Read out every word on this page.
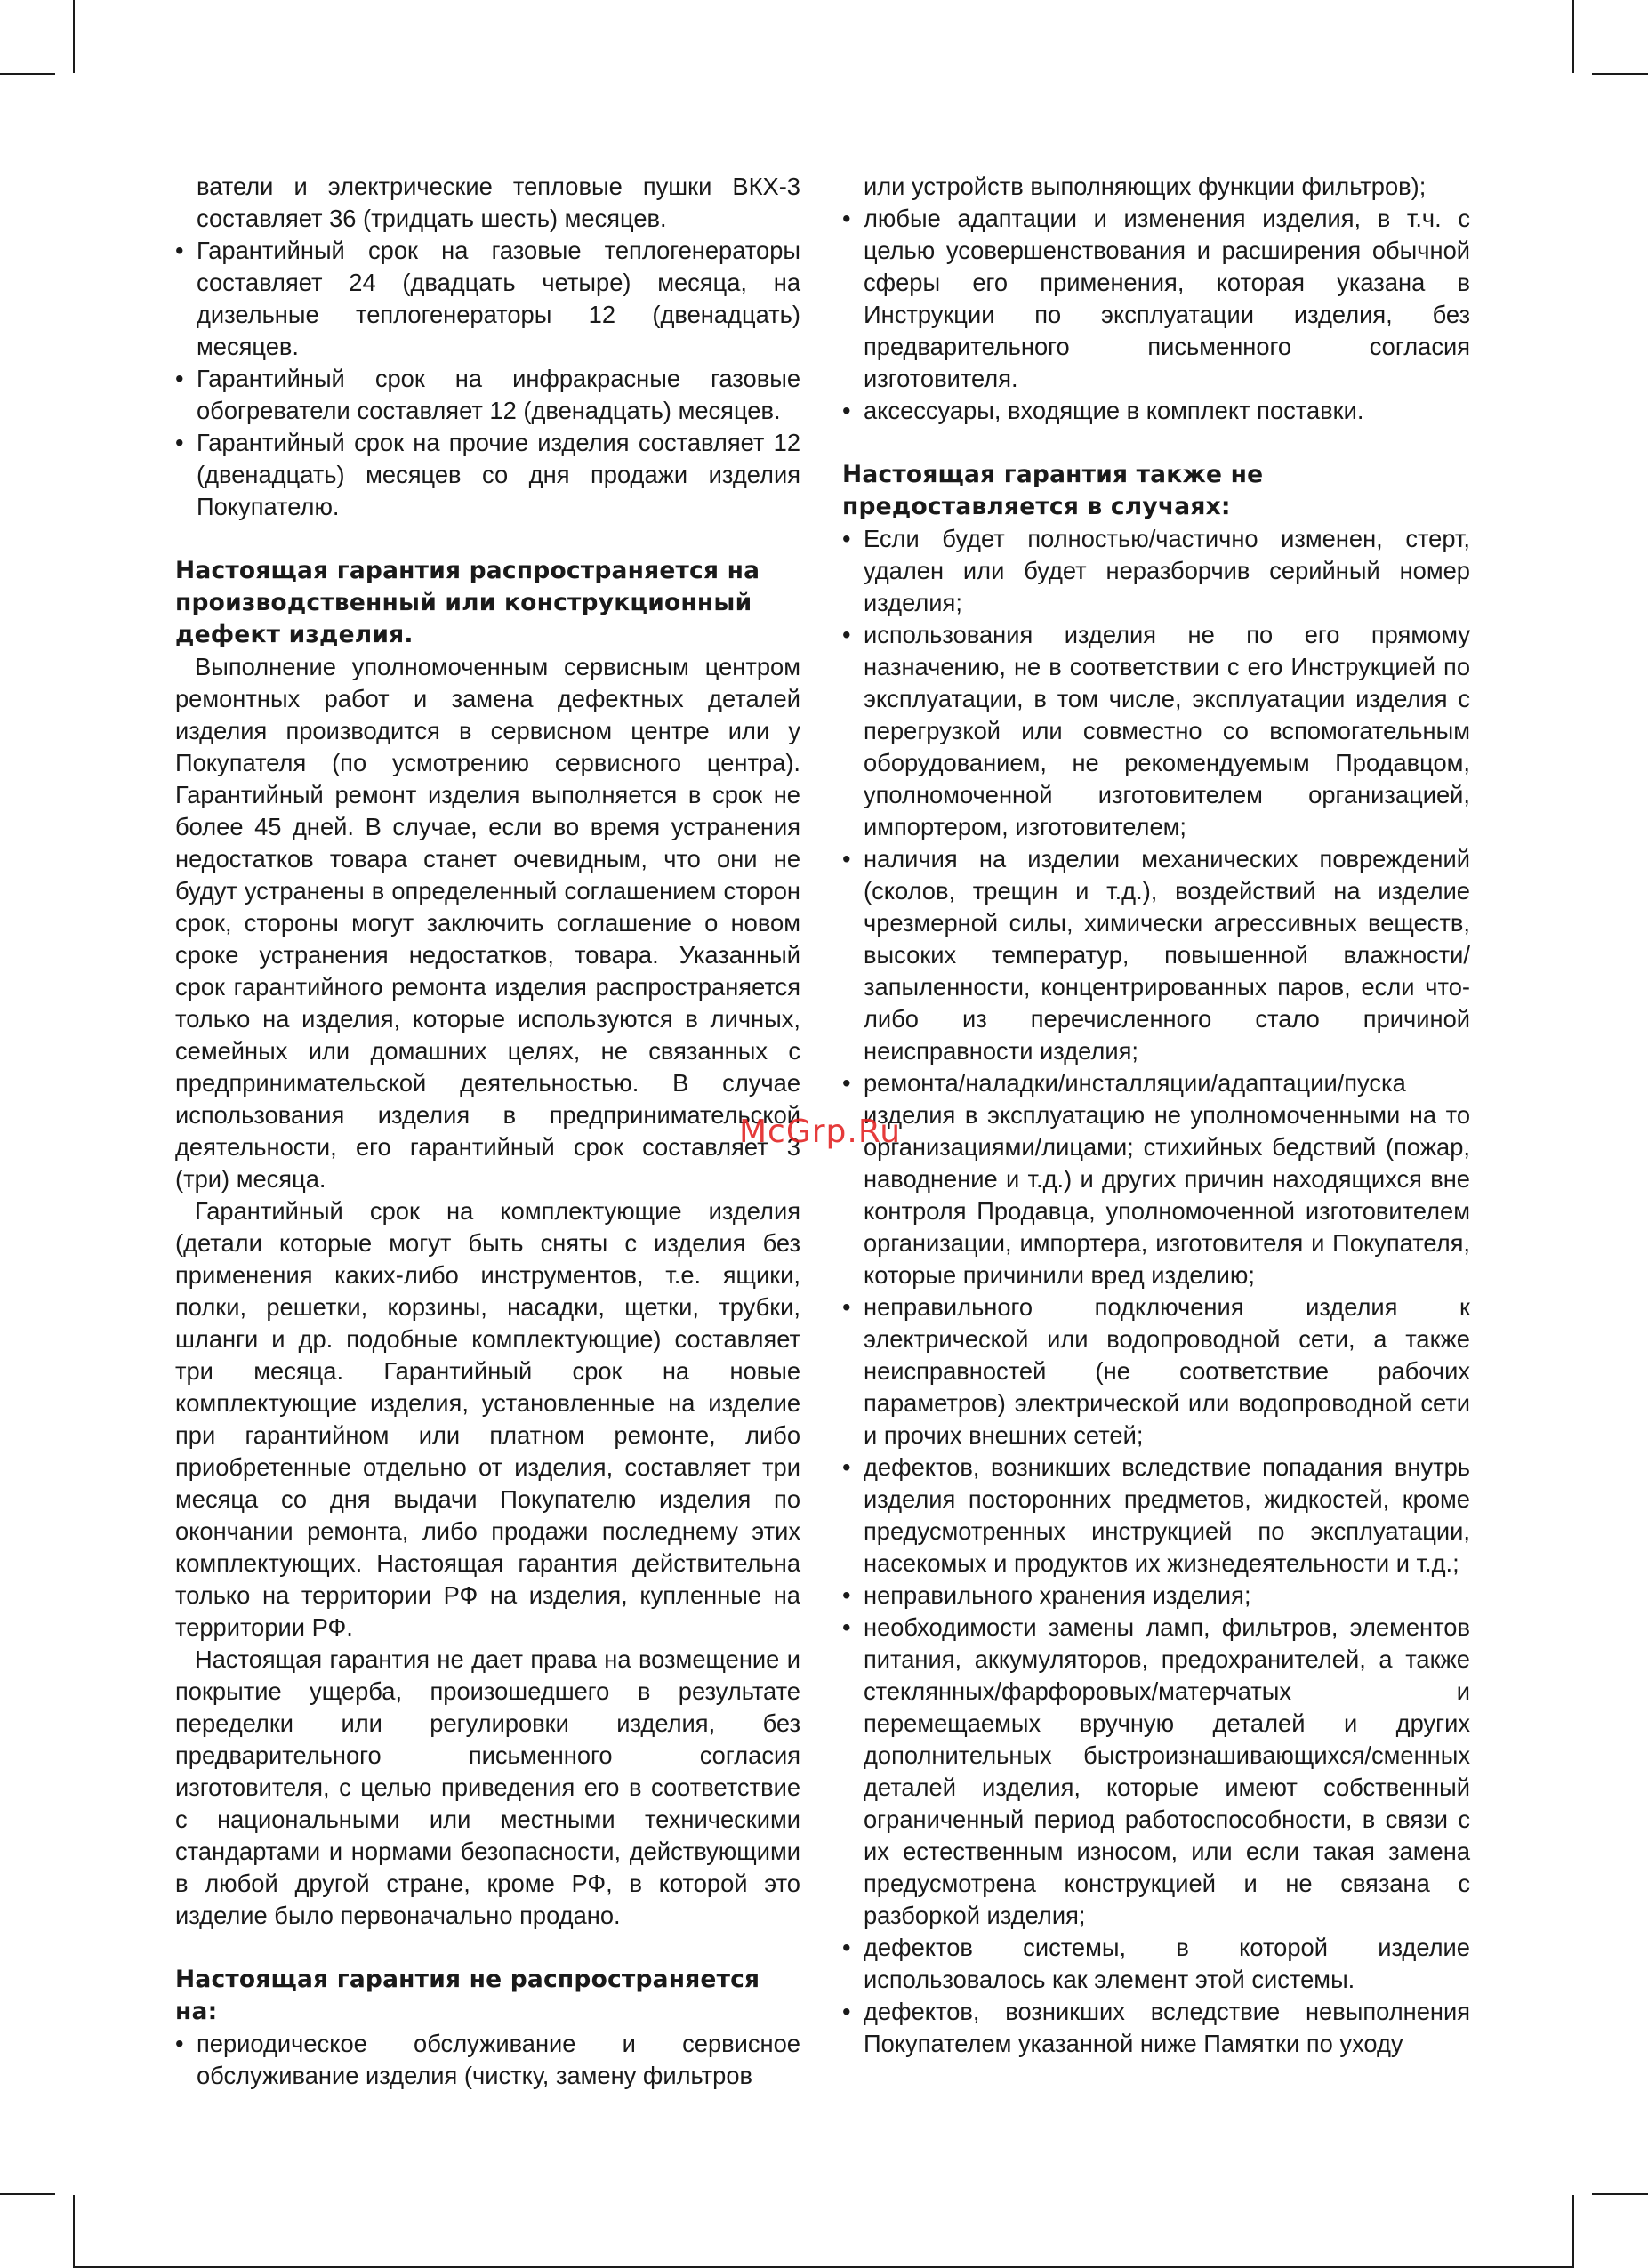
ватели и электрические тепловые пушки ВКХ-3 составляет 36 (тридцать шесть) месяцев.

• Гарантийный срок на газовые теплогенераторы составляет 24 (двадцать четыре) месяца, на дизельные теплогенераторы 12 (двенадцать) месяцев.

• Гарантийный срок на инфракрасные газовые обогреватели составляет 12 (двенадцать) месяцев.

• Гарантийный срок на прочие изделия составляет 12 (двенадцать) месяцев со дня продажи изделия Покупателю.

Настоящая гарантия распространяется на производственный или конструкционный дефект изделия.

Выполнение уполномоченным сервисным центром ремонтных работ и замена дефектных деталей изделия производится в сервисном центре или у Покупателя (по усмотрению сервисного центра). Гарантийный ремонт изделия выполняется в срок не более 45 дней. В случае, если во время устранения недостатков товара станет очевидным, что они не будут устранены в определенный соглашением сторон срок, стороны могут заключить соглашение о новом сроке устранения недостатков, товара. Указанный срок гарантийного ремонта изделия распространяется только на изделия, которые используются в личных, семейных или домашних целях, не связанных с предпринимательской деятельностью. В случае использования изделия в предпринимательской деятельности, его гарантийный срок составляет 3 (три) месяца.

Гарантийный срок на комплектующие изделия (детали которые могут быть сняты с изделия без применения каких-либо инструментов, т.е. ящики, полки, решетки, корзины, насадки, щетки, трубки, шланги и др. подобные комплектующие) составляет три месяца. Гарантийный срок на новые комплектующие изделия, установленные на изделие при гарантийном или платном ремонте, либо приобретенные отдельно от изделия, составляет три месяца со дня выдачи Покупателю изделия по окончании ремонта, либо продажи последнему этих комплектующих. Настоящая гарантия действительна только на территории РФ на изделия, купленные на территории РФ.

Настоящая гарантия не дает права на возмещение и покрытие ущерба, произошедшего в результате переделки или регулировки изделия, без предварительного письменного согласия изготовителя, с целью приведения его в соответствие с национальными или местными техническими стандартами и нормами безопасности, действующими в любой другой стране, кроме РФ, в которой это изделие было первоначально продано.

Настоящая гарантия не распространяется на:

• периодическое обслуживание и сервисное обслуживание изделия (чистку, замену фильтров

или устройств выполняющих функции фильтров);

• любые адаптации и изменения изделия, в т.ч. с целью усовершенствования и расширения обычной сферы его применения, которая указана в Инструкции по эксплуатации изделия, без предварительного письменного согласия изготовителя.

• аксессуары, входящие в комплект поставки.

Настоящая гарантия также не предоставляется в случаях:

• Если будет полностью/частично изменен, стерт, удален или будет неразборчив серийный номер изделия;

• использования изделия не по его прямому назначению, не в соответствии с его Инструкцией по эксплуатации, в том числе, эксплуатации изделия с перегрузкой или совместно со вспомогательным оборудованием, не рекомендуемым Продавцом, уполномоченной изготовителем организацией, импортером, изготовителем;

• наличия на изделии механических повреждений (сколов, трещин и т.д.), воздействий на изделие чрезмерной силы, химически агрессивных веществ, высоких температур, повышенной влажности/запыленности, концентрированных паров, если что-либо из перечисленного стало причиной неисправности изделия;

• ремонта/наладки/инсталляции/адаптации/пуска изделия в эксплуатацию не уполномоченными на то организациями/лицами; стихийных бедствий (пожар, наводнение и т.д.) и других причин находящихся вне контроля Продавца, уполномоченной изготовителем организации, импортера, изготовителя и Покупателя, которые причинили вред изделию;

• неправильного подключения изделия к электрической или водопроводной сети, а также неисправностей (не соответствие рабочих параметров) электрической или водопроводной сети и прочих внешних сетей;

• дефектов, возникших вследствие попадания внутрь изделия посторонних предметов, жидкостей, кроме предусмотренных инструкцией по эксплуатации, насекомых и продуктов их жизнедеятельности и т.д.;

• неправильного хранения изделия;

• необходимости замены ламп, фильтров, элементов питания, аккумуляторов, предохранителей, а также стеклянных/фарфоровых/матерчатых и перемещаемых вручную деталей и других дополнительных быстроизнашивающихся/сменных деталей изделия, которые имеют собственный ограниченный период работоспособности, в связи с их естественным износом, или если такая замена предусмотрена конструкцией и не связана с разборкой изделия;

• дефектов системы, в которой изделие использовалось как элемент этой системы.

• дефектов, возникших вследствие невыполнения Покупателем указанной ниже Памятки по уходу

McGrp.Ru
